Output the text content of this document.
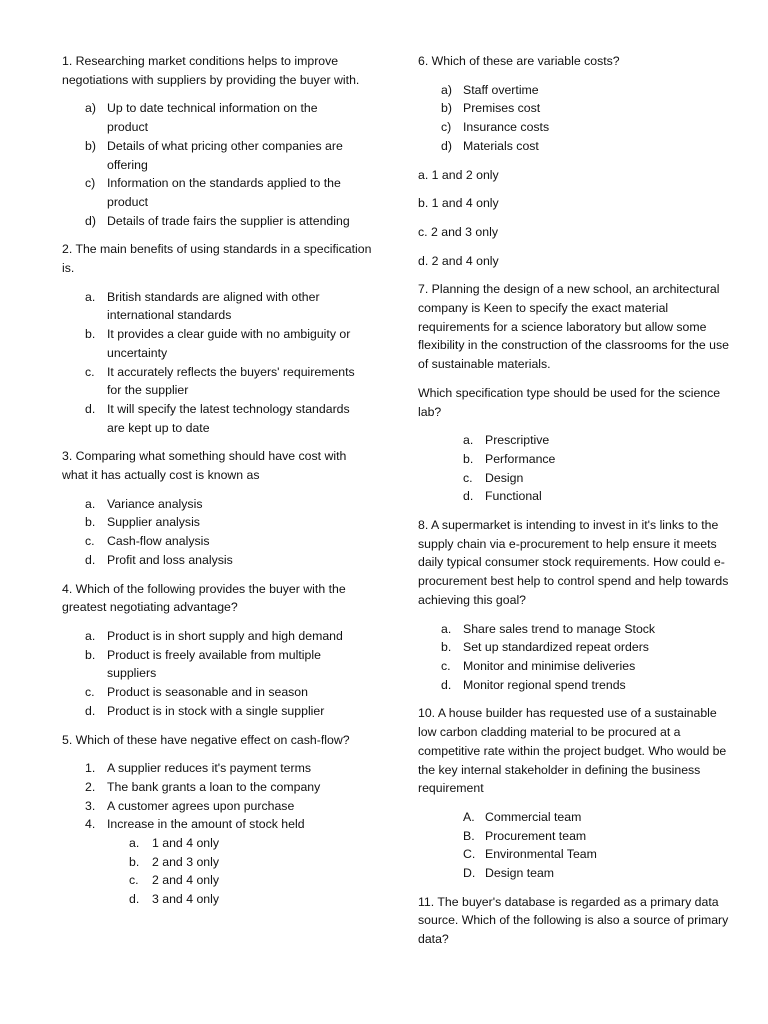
1. Researching market conditions helps to improve negotiations with suppliers by providing the buyer with.

a) Up to date technical information on the product
b) Details of what pricing other companies are offering
c) Information on the standards applied to the product
d) Details of trade fairs the supplier is attending

2. The main benefits of using standards in a specification is.

a. British standards are aligned with other international standards
b. It provides a clear guide with no ambiguity or uncertainty
c.	It accurately reflects the buyers' requirements for the supplier
d. It will specify the latest technology standards are kept up to date

3. Comparing what something should have cost with what it has actually cost is known as

a. Variance analysis
b. Supplier analysis
c.	Cash-flow analysis
d. Profit and loss analysis

4. Which of the following provides the buyer with the greatest negotiating advantage?

a. Product is in short supply and high demand
b. Product is freely available from multiple suppliers
c.	Product is seasonable and in season
d. Product is in stock with a single supplier

5. Which of these have negative effect on cash-flow?

1. A supplier reduces it's payment terms
2. The bank grants a loan to the company
3. A customer agrees upon purchase
4. Increase in the amount of stock held
a.	1 and 4 only
b.	2 and 3 only
c.	2 and 4 only
d.	3 and 4 only

6. Which of these are variable costs?

a) Staff overtime
b) Premises cost
c) Insurance costs
d) Materials cost

a. 1 and 2 only

b. 1 and 4 only

c. 2 and 3 only

d. 2 and 4 only

7. Planning the design of a new school, an architectural company is Keen to specify the exact material requirements for a science laboratory but allow some flexibility in the construction of the classrooms for the use of sustainable materials.

Which specification type should be used for the science lab?

a. Prescriptive
b. Performance
c.	Design
d. Functional

8. A supermarket is intending to invest in it's links to the supply chain via e-procurement to help ensure it meets daily typical consumer stock requirements. How could e-procurement best help to control spend and help towards achieving this goal?

a. Share sales trend to manage Stock
b. Set up standardized repeat orders
c.	Monitor and minimise deliveries
d. Monitor regional spend trends

10. A house builder has requested use of a sustainable low carbon cladding material to be procured at a competitive rate within the project budget. Who would be the key internal stakeholder in defining the business requirement

A. Commercial team
B. Procurement team
C. Environmental Team
D. Design team

11. The buyer's database is regarded as a primary data source. Which of the following is also a source of primary data?
